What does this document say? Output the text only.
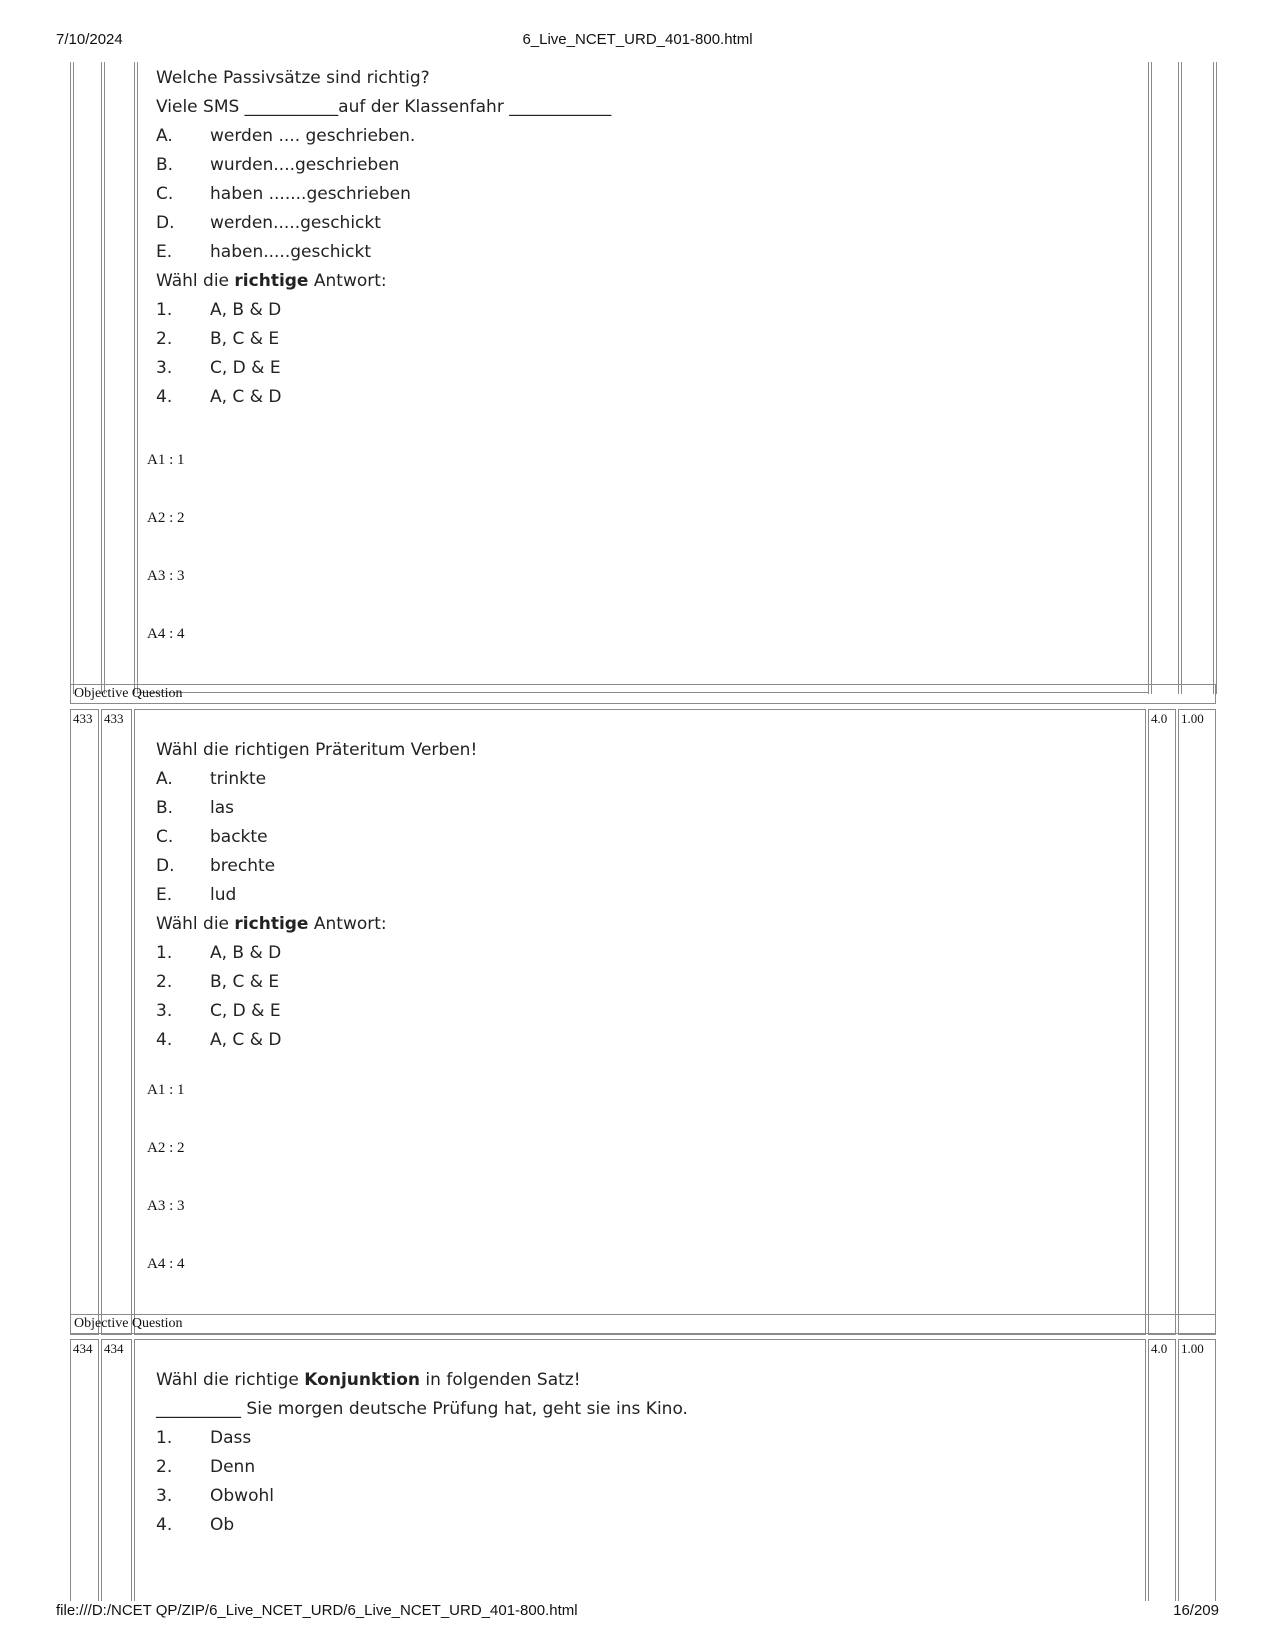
7/10/2024	6_Live_NCET_URD_401-800.html
file:///D:/NCET QP/ZIP/6_Live_NCET_URD/6_Live_NCET_URD_401-800.html	16/209
Welche Passivsätze sind richtig?
Viele SMS ___________auf der Klassenfahr ____________
A. werden .... geschrieben.
B. wurden....geschrieben
C. haben .......geschrieben
D. werden.....geschickt
E. haben.....geschickt
Wähl die richtige Antwort:
1. A, B & D
2. B, C & E
3. C, D & E
4. A, C & D
A1 : 1
A2 : 2
A3 : 3
A4 : 4
Objective Question
433 433	4.0	1.00
Wähl die richtigen Präteritum Verben!
A. trinkte
B. las
C. backte
D. brechte
E. lud
Wähl die richtige Antwort:
1. A, B & D
2. B, C & E
3. C, D & E
4. A, C & D
A1 : 1
A2 : 2
A3 : 3
A4 : 4
Objective Question
434 434	4.0	1.00
Wähl die richtige Konjunktion in folgenden Satz!
__________ Sie morgen deutsche Prüfung hat, geht sie ins Kino.
1. Dass
2. Denn
3. Obwohl
4. Ob
